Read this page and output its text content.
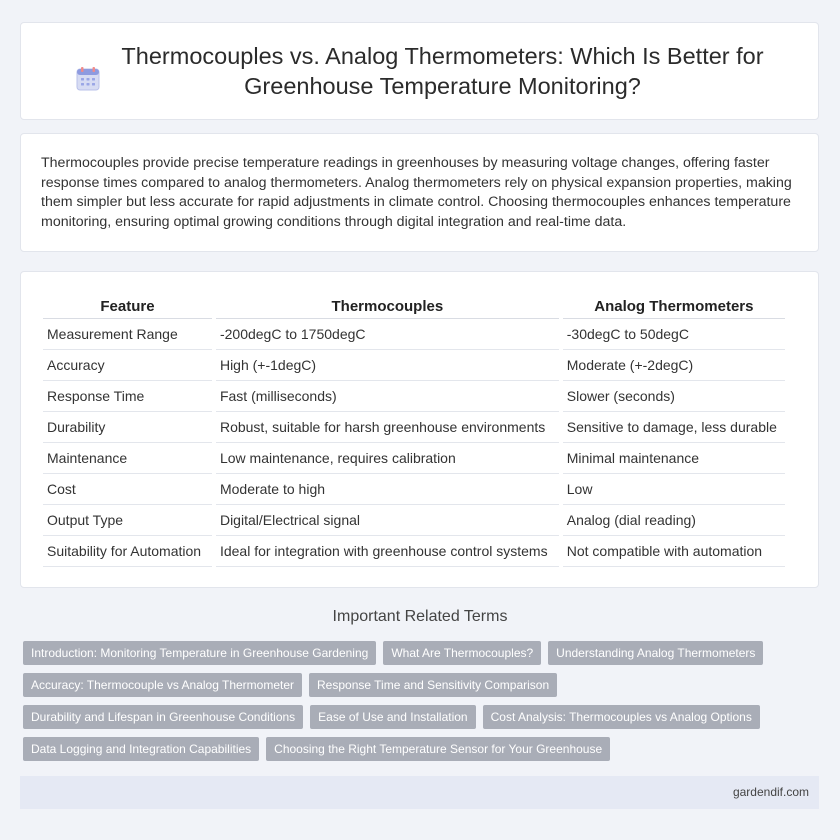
Thermocouples vs. Analog Thermometers: Which Is Better for
Greenhouse Temperature Monitoring?

Thermocouples provide precise temperature readings in greenhouses by measuring voltage changes, offering faster response times compared to analog thermometers. Analog thermometers rely on physical expansion properties, making them simpler but less accurate for rapid adjustments in climate control. Choosing thermocouples enhances temperature monitoring, ensuring optimal growing conditions through digital integration and real-time data.

Feature	Thermocouples	Analog Thermometers
Measurement Range	-200degC to 1750degC	-30degC to 50degC
Accuracy	High (+-1degC)	Moderate (+-2degC)
Response Time	Fast (milliseconds)	Slower (seconds)
Durability	Robust, suitable for harsh greenhouse environments	Sensitive to damage, less durable
Maintenance	Low maintenance, requires calibration	Minimal maintenance
Cost	Moderate to high	Low
Output Type	Digital/Electrical signal	Analog (dial reading)
Suitability for Automation	Ideal for integration with greenhouse control systems	Not compatible with automation
Important Related Terms
Introduction: Monitoring Temperature in Greenhouse Gardening	What Are Thermocouples?	Understanding Analog Thermometers
Accuracy: Thermocouple vs Analog Thermometer	Response Time and Sensitivity Comparison
Durability and Lifespan in Greenhouse Conditions	Ease of Use and Installation	Cost Analysis: Thermocouples vs Analog Options
Data Logging and Integration Capabilities	Choosing the Right Temperature Sensor for Your Greenhouse
gardendif.com
